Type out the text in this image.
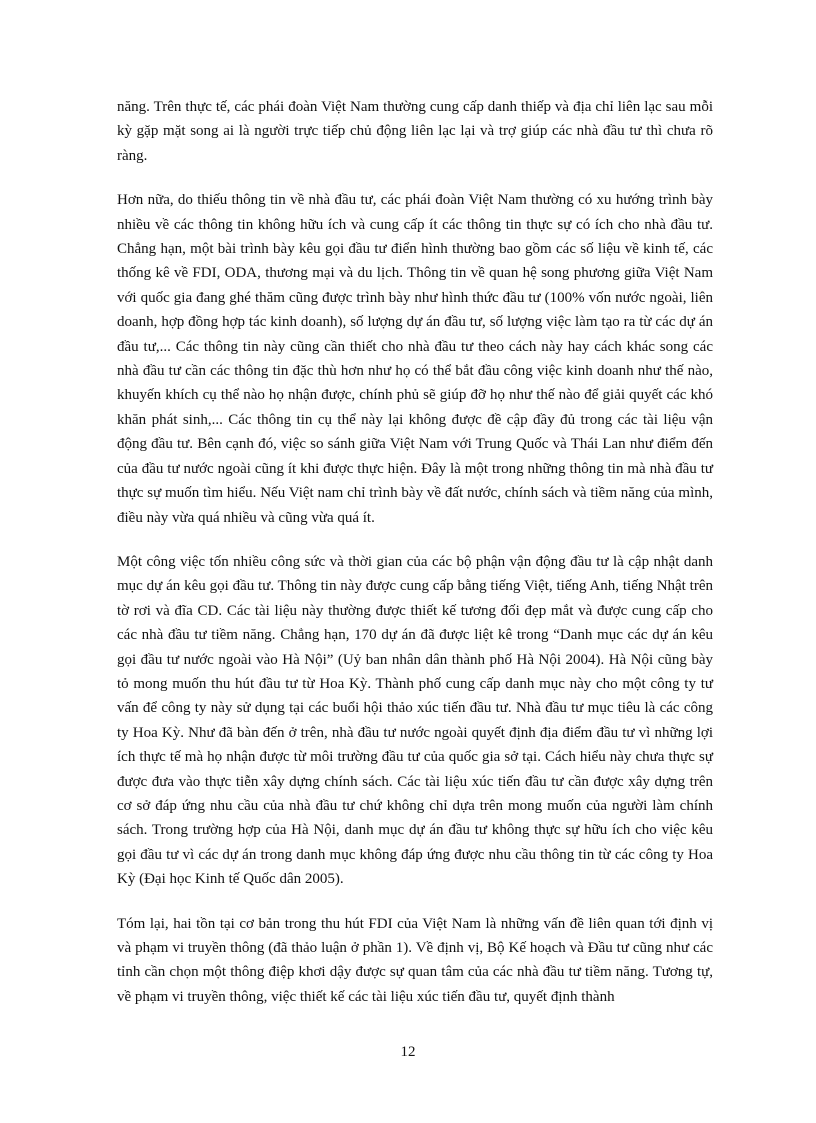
năng. Trên thực tế, các phái đoàn Việt Nam thường cung cấp danh thiếp và địa chỉ liên lạc sau mỗi kỳ gặp mặt song ai là người trực tiếp chủ động liên lạc lại và trợ giúp các nhà đầu tư thì chưa rõ ràng.

Hơn nữa, do thiếu thông tin về nhà đầu tư, các phái đoàn Việt Nam thường có xu hướng trình bày nhiều về các thông tin không hữu ích và cung cấp ít các thông tin thực sự có ích cho nhà đầu tư. Chẳng hạn, một bài trình bày kêu gọi đầu tư điển hình thường bao gồm các số liệu về kinh tế, các thống kê về FDI, ODA, thương mại và du lịch. Thông tin về quan hệ song phương giữa Việt Nam với quốc gia đang ghé thăm cũng được trình bày như hình thức đầu tư (100% vốn nước ngoài, liên doanh, hợp đồng hợp tác kinh doanh), số lượng dự án đầu tư, số lượng việc làm tạo ra từ các dự án đầu tư,... Các thông tin này cũng cần thiết cho nhà đầu tư theo cách này hay cách khác song các nhà đầu tư cần các thông tin đặc thù hơn như họ có thể bắt đầu công việc kinh doanh như thế nào, khuyến khích cụ thể nào họ nhận được, chính phủ sẽ giúp đỡ họ như thế nào để giải quyết các khó khăn phát sinh,... Các thông tin cụ thể này lại không được đề cập đầy đủ trong các tài liệu vận động đầu tư. Bên cạnh đó, việc so sánh giữa Việt Nam với Trung Quốc và Thái Lan như điểm đến của đầu tư nước ngoài cũng ít khi được thực hiện. Đây là một trong những thông tin mà nhà đầu tư thực sự muốn tìm hiểu. Nếu Việt nam chỉ trình bày về đất nước, chính sách và tiềm năng của mình, điều này vừa quá nhiều và cũng vừa quá ít.

Một công việc tốn nhiều công sức và thời gian của các bộ phận vận động đầu tư là cập nhật danh mục dự án kêu gọi đầu tư. Thông tin này được cung cấp bằng tiếng Việt, tiếng Anh, tiếng Nhật trên tờ rơi và đĩa CD. Các tài liệu này thường được thiết kế tương đối đẹp mắt và được cung cấp cho các nhà đầu tư tiềm năng. Chẳng hạn, 170 dự án đã được liệt kê trong “Danh mục các dự án kêu gọi đầu tư nước ngoài vào Hà Nội” (Uỷ ban nhân dân thành phố Hà Nội 2004). Hà Nội cũng bày tỏ mong muốn thu hút đầu tư từ Hoa Kỳ. Thành phố cung cấp danh mục này cho một công ty tư vấn để công ty này sử dụng tại các buổi hội thảo xúc tiến đầu tư. Nhà đầu tư mục tiêu là các công ty Hoa Kỳ. Như đã bàn đến ở trên, nhà đầu tư nước ngoài quyết định địa điểm đầu tư vì những lợi ích thực tế mà họ nhận được từ môi trường đầu tư của quốc gia sở tại. Cách hiểu này chưa thực sự được đưa vào thực tiễn xây dựng chính sách. Các tài liệu xúc tiến đầu tư cần được xây dựng trên cơ sở đáp ứng nhu cầu của nhà đầu tư chứ không chỉ dựa trên mong muốn của người làm chính sách. Trong trường hợp của Hà Nội, danh mục dự án đầu tư không thực sự hữu ích cho việc kêu gọi đầu tư vì các dự án trong danh mục không đáp ứng được nhu cầu thông tin từ các công ty Hoa Kỳ (Đại học Kinh tế Quốc dân 2005).

Tóm lại, hai tồn tại cơ bản trong thu hút FDI của Việt Nam là những vấn đề liên quan tới định vị và phạm vi truyền thông (đã thảo luận ở phần 1). Về định vị, Bộ Kế hoạch và Đầu tư cũng như các tỉnh cần chọn một thông điệp khơi dậy được sự quan tâm của các nhà đầu tư tiềm năng. Tương tự, về phạm vi truyền thông, việc thiết kế các tài liệu xúc tiến đầu tư, quyết định thành

12
